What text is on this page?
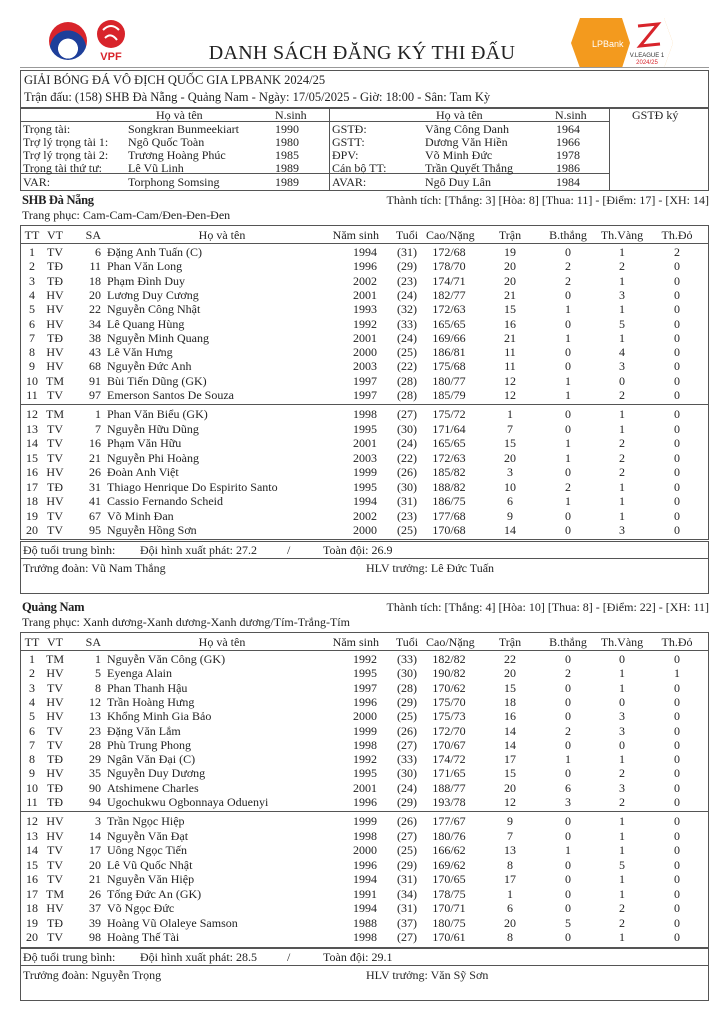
VPF	DANH SÁCH ĐĂNG KÝ THI ĐẤU	LPBank
V.LEAGUE 1
2024/25
GIẢI BÓNG ĐÁ VÔ ĐỊCH QUỐC GIA LPBANK 2024/25
Trận đấu: (158) SHB Đà Nẵng - Quảng Nam - Ngày: 17/05/2025 - Giờ: 18:00 - Sân: Tam Kỳ
Họ và tên	N.sinh	Họ và tên	N.sinh	GSTĐ ký
Trọng tài:	Songkran Bunmeekiart	1990
Trợ lý trọng tài 1: Ngô Quốc Toàn	1980
Trợ lý trọng tài 2: Trương Hoàng Phúc	1985
Trọng tài thứ tư: Lê Vũ Linh	1989
VAR:	Torphong Somsing	1989
GSTĐ:	Vãng Công Danh	1964
GSTT:	Dương Văn Hiền	1966
ĐPV:	Võ Minh Đức	1978
Cán bộ TT:	Trần Quyết Thắng	1986
AVAR:	Ngô Duy Lân	1984
SHB Đà Nẵng	Thành tích: [Thắng: 3] [Hòa: 8] [Thua: 11] - [Điểm: 17] - [XH: 14]
Trang phục: Cam-Cam-Cam/Đen-Đen-Đen
TT VT	SA	Họ và tên	Năm sinh	Tuổi Cao/Nặng	Trận	B.thắng	Th.Vàng	Th.Đỏ
1	TV	6 Đặng Anh Tuấn (C)	1994	(31)	172/68	19	0	1	2
2	TĐ	11 Phan Văn Long	1996	(29)	178/70	20	2	2	0
3	TĐ	18 Phạm Đình Duy	2002	(23)	174/71	20	2	1	0
4 HV	20 Lương Duy Cương	2001	(24)	182/77	21	0	3	0
5 HV	22 Nguyễn Công Nhật	1993	(32)	172/63	15	1	1	0
6 HV	34 Lê Quang Hùng	1992	(33)	165/65	16	0	5	0
7	TĐ	38 Nguyễn Minh Quang	2001	(24)	169/66	21	1	1	0
8 HV	43 Lê Văn Hưng	2000	(25)	186/81	11	0	4	0
9 HV	68 Nguyễn Đức Anh	2003	(22)	175/68	11	0	3	0
10 TM	91 Bùi Tiến Dũng (GK)	1997	(28)	180/77	12	1	0	0
11 TV	97 Emerson Santos De Souza	1997	(28)	185/79	12	1	2	0
12 TM	1 Phan Văn Biểu (GK)	1998	(27)	175/72	1	0	1	0
13 TV	7 Nguyễn Hữu Dũng	1995	(30)	171/64	7	0	1	0
14 TV	16 Phạm Văn Hữu	2001	(24)	165/65	15	1	2	0
15 TV	21 Nguyễn Phi Hoàng	2003	(22)	172/63	20	1	2	0
16 HV	26 Đoàn Anh Việt	1999	(26)	185/82	3	0	2	0
17 TĐ	31 Thiago Henrique Do Espirito Santo	1995	(30)	188/82	10	2	1	0
18 HV	41 Cassio Fernando Scheid	1994	(31)	186/75	6	1	1	0
19 TV	67 Võ Minh Đan	2002	(23)	177/68	9	0	1	0
20 TV	95 Nguyễn Hồng Sơn	2000	(25)	170/68	14	0	3	0
Độ tuổi trung bình: Đội hình xuất phát: 27.2	/	Toàn đội: 26.9
Trưởng đoàn: Vũ Nam Thắng	HLV trưởng: Lê Đức Tuấn
Quảng Nam	Thành tích: [Thắng: 4] [Hòa: 10] [Thua: 8] - [Điểm: 22] - [XH: 11]
Trang phục: Xanh dương-Xanh dương-Xanh dương/Tím-Trắng-Tím
TT VT	SA	Họ và tên	Năm sinh	Tuổi Cao/Nặng	Trận	B.thắng	Th.Vàng	Th.Đỏ
1 TM	1 Nguyễn Văn Công (GK)	1992	(33)	182/82	22	0	0	0
2 HV	5 Eyenga Alain	1995	(30)	190/82	20	2	1	1
3	TV	8 Phan Thanh Hậu	1997	(28)	170/62	15	0	1	0
4 HV	12 Trần Hoàng Hưng	1996	(29)	175/70	18	0	0	0
5 HV	13 Khổng Minh Gia Bảo	2000	(25)	175/73	16	0	3	0
6	TV	23 Đặng Văn Lắm	1999	(26)	172/70	14	2	3	0
7	TV	28 Phù Trung Phong	1998	(27)	170/67	14	0	0	0
8	TĐ	29 Ngân Văn Đại (C)	1992	(33)	174/72	17	1	1	0
9 HV	35 Nguyễn Duy Dương	1995	(30)	171/65	15	0	2	0
10 TĐ	90 Atshimene Charles	2001	(24)	188/77	20	6	3	0
11 TĐ	94 Ugochukwu Ogbonnaya Oduenyi	1996	(29)	193/78	12	3	2	0
12 HV	3 Trần Ngọc Hiệp	1999	(26)	177/67	9	0	1	0
13 HV	14 Nguyễn Văn Đạt	1998	(27)	180/76	7	0	1	0
14 TV	17 Uông Ngọc Tiến	2000	(25)	166/62	13	1	1	0
15 TV	20 Lê Vũ Quốc Nhật	1996	(29)	169/62	8	0	5	0
16 TV	21 Nguyễn Văn Hiệp	1994	(31)	170/65	17	0	1	0
17 TM	26 Tống Đức An (GK)	1991	(34)	178/75	1	0	1	0
18 HV	37 Võ Ngọc Đức	1994	(31)	170/71	6	0	2	0
19 TĐ	39 Hoàng Vũ Olaleye Samson	1988	(37)	180/75	20	5	2	0
20 TV	98 Hoàng Thế Tài	1998	(27)	170/61	8	0	1	0
Độ tuổi trung bình: Đội hình xuất phát: 28.5	/	Toàn đội: 29.1
Trưởng đoàn: Nguyễn Trọng	HLV trưởng: Văn Sỹ Sơn
